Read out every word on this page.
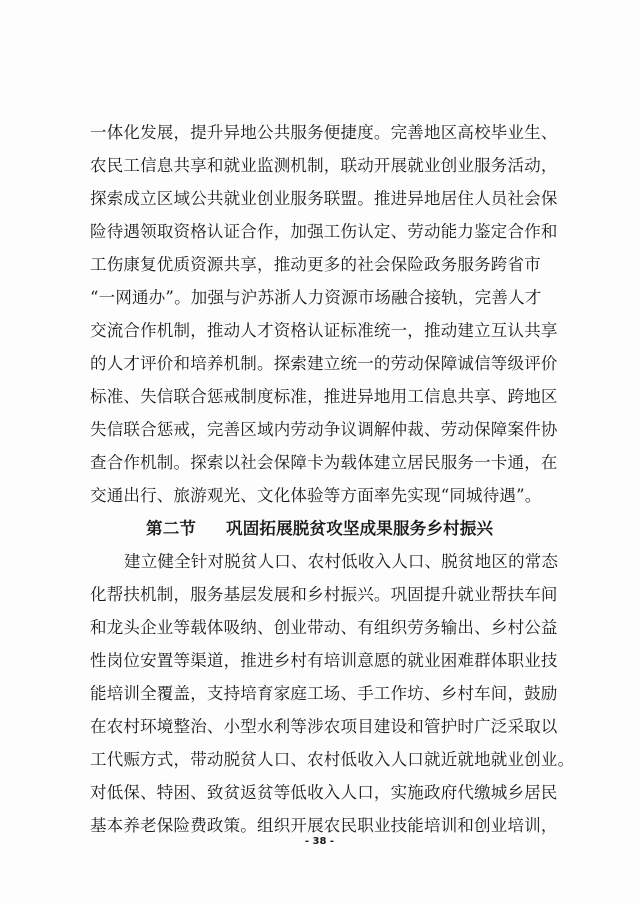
一体化发展，提升异地公共服务便捷度。完善地区高校毕业生、
农民工信息共享和就业监测机制，联动开展就业创业服务活动，
探索成立区域公共就业创业服务联盟。推进异地居住人员社会保
险待遇领取资格认证合作，加强工伤认定、劳动能力鉴定合作和
工伤康复优质资源共享，推动更多的社会保险政务服务跨省市
“一网通办”。加强与沪苏浙人力资源市场融合接轨，完善人才
交流合作机制，推动人才资格认证标准统一，推动建立互认共享
的人才评价和培养机制。探索建立统一的劳动保障诚信等级评价
标准、失信联合惩戒制度标准，推进异地用工信息共享、跨地区
失信联合惩戒，完善区域内劳动争议调解仲裁、劳动保障案件协
查合作机制。探索以社会保障卡为载体建立居民服务一卡通，在
交通出行、旅游观光、文化体验等方面率先实现“同城待遇”。
第二节 巩固拓展脱贫攻坚成果服务乡村振兴
建立健全针对脱贫人口、农村低收入人口、脱贫地区的常态
化帮扶机制，服务基层发展和乡村振兴。巩固提升就业帮扶车间
和龙头企业等载体吸纳、创业带动、有组织劳务输出、乡村公益
性岗位安置等渠道，推进乡村有培训意愿的就业困难群体职业技
能培训全覆盖，支持培育家庭工场、手工作坊、乡村车间，鼓励
在农村环境整治、小型水利等涉农项目建设和管护时广泛采取以
工代赈方式，带动脱贫人口、农村低收入人口就近就地就业创业。
对低保、特困、致贫返贫等低收入人口，实施政府代缴城乡居民
基本养老保险费政策。组织开展农民职业技能培训和创业培训，
- 38 -
